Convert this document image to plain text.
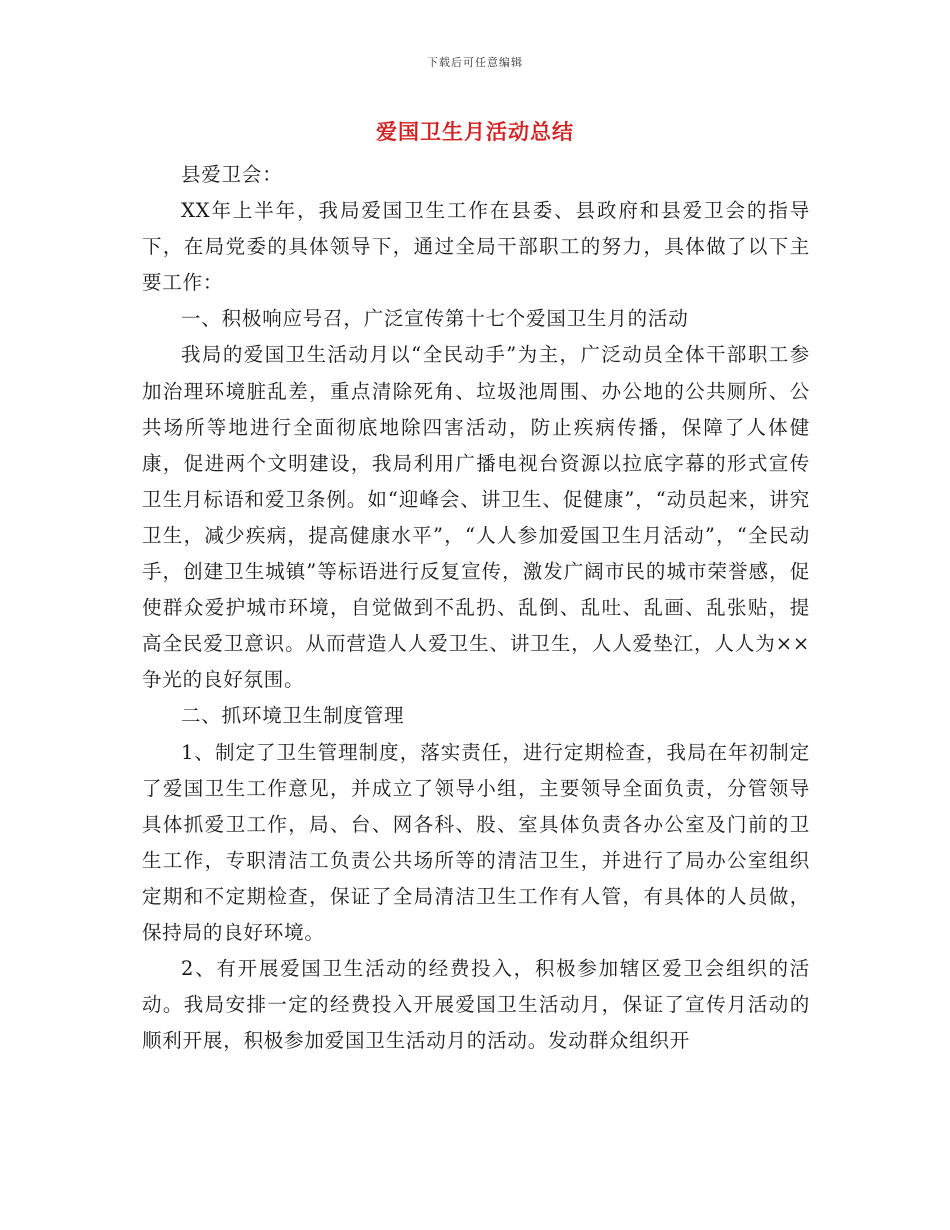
下载后可任意编辑
爱国卫生月活动总结

县爱卫会：

XX年上半年，我局爱国卫生工作在县委、县政府和县爱卫会的指导下，在局党委的具体领导下，通过全局干部职工的努力，具体做了以下主要工作：

一、积极响应号召，广泛宣传第十七个爱国卫生月的活动

我局的爱国卫生活动月以“全民动手”为主，广泛动员全体干部职工参加治理环境脏乱差，重点清除死角、垃圾池周围、办公地的公共厕所、公共场所等地进行全面彻底地除四害活动，防止疾病传播，保障了人体健康，促进两个文明建设，我局利用广播电视台资源以拉底字幕的形式宣传卫生月标语和爱卫条例。如“迎峰会、讲卫生、促健康”，“动员起来，讲究卫生，减少疾病，提高健康水平”，“人人参加爱国卫生月活动”，“全民动手，创建卫生城镇”等标语进行反复宣传，激发广阔市民的城市荣誉感，促使群众爱护城市环境，自觉做到不乱扔、乱倒、乱吐、乱画、乱张贴，提高全民爱卫意识。从而营造人人爱卫生、讲卫生，人人爱垫江，人人为××争光的良好氛围。

二、抓环境卫生制度管理

1、制定了卫生管理制度，落实责任，进行定期检查，我局在年初制定了爱国卫生工作意见，并成立了领导小组，主要领导全面负责，分管领导具体抓爱卫工作，局、台、网各科、股、室具体负责各办公室及门前的卫生工作，专职清洁工负责公共场所等的清洁卫生，并进行了局办公室组织定期和不定期检查，保证了全局清洁卫生工作有人管，有具体的人员做，保持局的良好环境。

2、有开展爱国卫生活动的经费投入，积极参加辖区爱卫会组织的活动。我局安排一定的经费投入开展爱国卫生活动月，保证了宣传月活动的顺利开展，积极参加爱国卫生活动月的活动。发动群众组织开
